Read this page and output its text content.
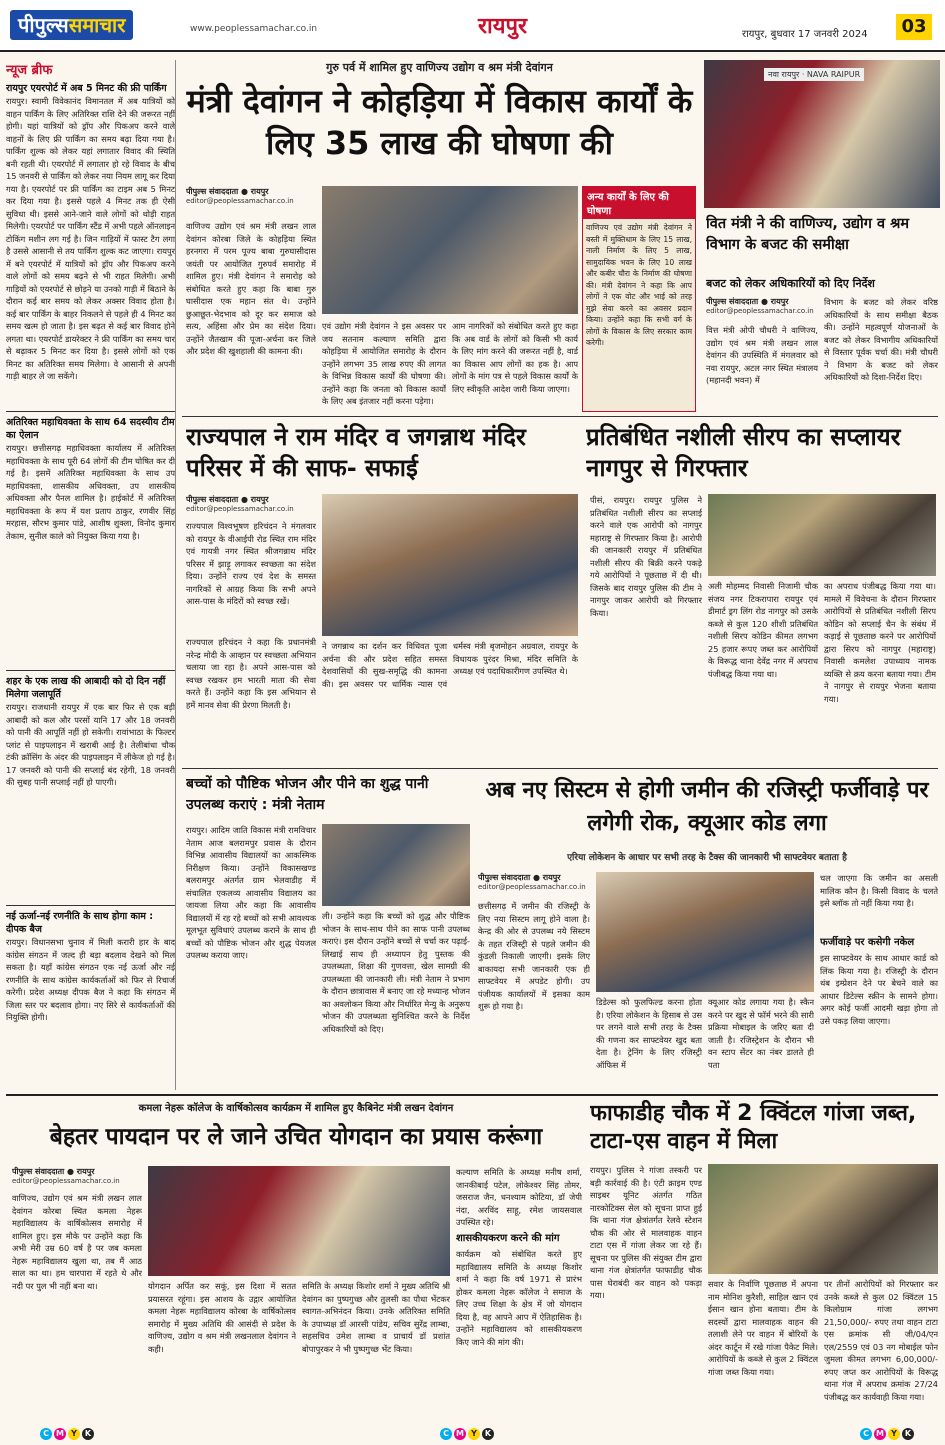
पीपुल्ससमाचार	www.peoplessamachar.co.in	रायपुर	रायपुर, बुधवार 17 जनवरी 2024	03
न्यूज ब्रीफ
रायपुर एयरपोर्ट में अब 5 मिनट की फ्री पार्किंग
रायपुर। स्वामी विवेकानंद विमानतल में अब यात्रियों को वाहन पार्किंग के लिए अतिरिक्त राशि देने की जरूरत नहीं होगी। यहां यात्रियों को ड्रॉप और पिकअप करने वाले वाहनों के लिए फ्री पार्किंग का समय बढ़ा दिया गया है। पार्किंग शुल्क को लेकर यहां लगातार विवाद की स्थिति बनी रहती थी। एयरपोर्ट में लगातार हो रहे विवाद के बीच 15 जनवरी से पार्किंग को लेकर नया नियम लागू कर दिया गया है। एयरपोर्ट पर फ्री पार्किंग का टाइम अब 5 मिनट कर दिया गया है। इससे पहले 4 मिनट तक ही ऐसी सुविधा थी। इससे आने-जाने वाले लोगों को थोड़ी राहत मिलेगी। एयरपोर्ट पर पार्किंग स्टैंड में अभी पहले ऑनलाइन टोकिंग मशीन लग गई है। जिन गाड़ियों में फास्ट टैग लगा है उससे आसानी से तय पार्किंग शुल्क कट जाएगा। रायपुर में बने एयरपोर्ट में यात्रियों को ड्रॉप और पिकअप करने वाले लोगों को समय बढ़ने से भी राहत मिलेगी। अभी गाड़ियों को एयरपोर्ट से छोड़ने या उनको गाड़ी में बिठाने के दौरान कई बार समय को लेकर अक्सर विवाद होता है। कई बार पार्किंग के बाहर निकलने से पहले ही 4 मिनट का समय खत्म हो जाता है। इस बढ़त से कई बार विवाद होने लगता था। एयरपोर्ट डायरेक्टर ने फ्री पार्किंग का समय चार से बढ़ाकर 5 मिनट कर दिया है। इससे लोगों को एक मिनट का अतिरिक्त समय मिलेगा। वे आसानी से अपनी गाड़ी बाहर ले जा सकेंगे।
अतिरिक्त महाधिवक्ता के साथ 64 सदस्यीय टीम का ऐलान
रायपुर। छत्तीसगढ़ महाधिवक्ता कार्यालय में अतिरिक्त महाधिवक्ता के साथ पूरी 64 लोगों की टीम घोषित कर दी गई है। इसमें अतिरिक्त महाधिवक्ता के साथ उप महाधिवक्ता, शासकीय अधिवक्ता, उप शासकीय अधिवक्ता और पैनल शामिल है। हाईकोर्ट में अतिरिक्त महाधिवक्ता के रूप में यश प्रताप ठाकुर, रणवीर सिंह मरहास, सौरभ कुमार पांडे, आशीष शुक्ला, विनोद कुमार तेकाम, सुनील काले को नियुक्त किया गया है।
शहर के एक लाख की आबादी को दो दिन नहीं मिलेगा जलापूर्ति
रायपुर। राजधानी रायपुर में एक बार फिर से एक बड़ी आबादी को कल और परसों यानि 17 और 18 जनवरी को पानी की आपूर्ति नहीं हो सकेगी। रावांभाठा के फिल्टर प्लांट से पाइपलाइन में खराबी आई है। तेलीबांधा चौक टंकी क्रॉसिंग के अंदर की पाइपलाइन में लीकेज हो गई है। 17 जनवरी को पानी की सप्लाई बंद रहेगी, 18 जनवरी की सुबह पानी सप्लाई नहीं हो पाएगी।
नई ऊर्जा-नई रणनीति के साथ होगा काम : दीपक बैज
रायपुर। विधानसभा चुनाव में मिली करारी हार के बाद कांग्रेस संगठन में जल्द ही बड़ा बदलाव देखने को मिल सकता है। यहाँ कांग्रेस संगठन एक नई ऊर्जा और नई रणनीति के साथ कांग्रेस कार्यकर्ताओं को फिर से रिचार्ज करेगी। प्रदेश अध्यक्ष दीपक बैज ने कहा कि संगठन में जिला स्तर पर बदलाव होगा। नए सिरे से कार्यकर्ताओं की नियुक्ति होगी।
गुरु पर्व में शामिल हुए वाणिज्य उद्योग व श्रम मंत्री देवांगन
मंत्री देवांगन ने कोहड़िया में विकास कार्यों के लिए 35 लाख की घोषणा की
पीपुल्स संवाददाता ● रायपुर
editor@peoplessamachar.co.in
वाणिज्य उद्योग एवं श्रम मंत्री लखन लाल देवांगन कोरबा जिले के कोहड़िया स्थित हरनगरा में परम पूज्य बाबा गुरुघासीदास जयंती पर आयोजित गुरुपर्व समारोह में शामिल हुए। मंत्री देवांगन ने समारोह को संबोधित करते हुए कहा कि बाबा गुरु घासीदास एक महान संत थे। उन्होंने छुआछूत-भेदभाव को दूर कर समाज को सत्य, अहिंसा और प्रेम का संदेश दिया। उन्होंने जैतखाम की पूजा-अर्चना कर जिले और प्रदेश की खुशहाली की कामना की।
एवं उद्योग मंत्री देवांगन ने इस अवसर पर जय सतनाम कल्याण समिति द्वारा कोहड़िया में आयोजित समारोह के दौरान उन्होंने लगभग 35 लाख रुपए की लागत के विभिन्न विकास कार्यों की घोषणा की। उन्होंने कहा कि जनता को विकास कार्यों के लिए अब इंतजार नहीं करना पड़ेगा।
आम नागरिकों को संबोधित करते हुए कहा कि अब वार्ड के लोगों को किसी भी कार्य के लिए मांग करने की जरूरत नहीं है, वार्ड का विकास आप लोगों का हक है। आप लोगों के मांग पत्र से पहले विकास कार्यों के लिए स्वीकृति आदेश जारी किया जाएगा।
अन्य कार्यों के लिए की घोषणा
वाणिज्य एवं उद्योग मंत्री देवांगन ने बस्ती में मुक्तिधाम के लिए 15 लाख, नाली निर्माण के लिए 5 लाख, सामुदायिक भवन के लिए 10 लाख और कबीर चौरा के निर्माण की घोषणा की। मंत्री देवांगन ने कहा कि आप लोगों ने एक वोट और भाई को तरह मुझे सेवा करने का अवसर प्रदान किया। उन्होंने कहा कि सभी वर्ग के लोगों के विकास के लिए सरकार काम करेगी।
नवा रायपुर · NAVA RAIPUR
वित मंत्री ने की वाणिज्य, उद्योग व श्रम विभाग के बजट की समीक्षा
बजट को लेकर अधिकारियों को दिए निर्देश
पीपुल्स संवाददाता ● रायपुर
editor@peoplessamachar.co.in
वित्त मंत्री ओपी चौधरी ने वाणिज्य, उद्योग एवं श्रम मंत्री लखन लाल देवांगन की उपस्थिति में मंगलवार को नवा रायपुर, अटल नगर स्थित मंत्रालय (महानदी भवन) में
विभाग के बजट को लेकर वरिष्ठ अधिकारियों के साथ समीक्षा बैठक की। उन्होंने महत्वपूर्ण योजनाओं के बजट को लेकर विभागीय अधिकारियों से विस्तार पूर्वक चर्चा की। मंत्री चौधरी ने विभाग के बजट को लेकर अधिकारियों को दिशा-निर्देश दिए।
राज्यपाल ने राम मंदिर व जगन्नाथ मंदिर परिसर में की साफ- सफाई
पीपुल्स संवाददाता ● रायपुर
editor@peoplessamachar.co.in
राज्यपाल विश्वभूषण हरिचंदन ने मंगलवार को रायपुर के वीआईपी रोड स्थित राम मंदिर एवं गायत्री नगर स्थित श्रीजगन्नाथ मंदिर परिसर में झाड़ू लगाकर स्वच्छता का संदेश दिया। उन्होंने राज्य एवं देश के समस्त नागरिकों से आग्रह किया कि सभी अपने आस-पास के मंदिरों को स्वच्छ रखें।
राज्यपाल हरिचंदन ने कहा कि प्रधानमंत्री नरेन्द्र मोदी के आव्हान पर स्वच्छता अभियान चलाया जा रहा है। अपने आस-पास को स्वच्छ रखकर हम भारती माता की सेवा करते हैं। उन्होंने कहा कि इस अभियान से हमें मानव सेवा की प्रेरणा मिलती है।
ने जगन्नाथ का दर्शन कर विधिवत पूजा अर्चना की और प्रदेश सहित समस्त देशवासियों की सुख-समृद्धि की कामना की। इस अवसर पर धार्मिक न्यास एवं धर्मस्व मंत्री बृजमोहन अग्रवाल, रायपुर के विधायक पुरंदर मिश्रा, मंदिर समिति के अध्यक्ष एवं पदाधिकारीगण उपस्थित थे।
प्रतिबंधित नशीली सीरप का सप्लायर नागपुर से गिरफ्तार
पीसं, रायपुर। रायपुर पुलिस ने प्रतिबंधित नशीली सीरप का सप्लाई करने वाले एक आरोपी को नागपुर महाराष्ट्र से गिरफ्तार किया है। आरोपी की जानकारी रायपुर में प्रतिबंधित नशीली सीरप की बिक्री करने पकड़े गये आरोपियों ने पूछताछ में दी थी। जिसके बाद रायपुर पुलिस की टीम ने नागपुर जाकर आरोपी को गिरफ्तार किया।
अली मोहम्मद निवासी निजामी चौक संजय नगर टिकरापारा रायपुर एवं डीमार्ट ड्रग लिंग रोड नागपुर को उसके कब्जे से कुल 120 शीशी प्रतिबंधित नशीली सिरप कोडिन कीमत लगभग 25 हजार रूपए जब्त कर आरोपियों के विरूद्ध थाना देवेंद्र नगर में अपराध पंजीबद्ध किया गया था।
का अपराध पंजीबद्ध किया गया था। मामले में विवेचना के दौरान गिरफ्तार आरोपियों से प्रतिबंधित नशीली सिरप कोडिन को सप्लाई चैन के संबंध में कड़ाई से पूछताछ करने पर आरोपियों द्वारा सिरप को नागपुर (महाराष्ट्र) निवासी कमलेश उपाध्याय नामक व्यक्ति से क्रय करना बताया गया। टीम ने नागपुर से रायपुर भेजना बताया गया।
बच्चों को पौष्टिक भोजन और पीने का शुद्ध पानी उपलब्ध कराएं : मंत्री नेताम
रायपुर। आदिम जाति विकास मंत्री रामविचार नेताम आज बलरामपुर प्रवास के दौरान विभिन्न आवासीय विद्यालयों का आकस्मिक निरीक्षण किया। उन्होंने विकासखण्ड बलरामपुर अंतर्गत ग्राम भेलवाडीह में संचालित एकलव्य आवासीय विद्यालय का जायजा लिया और कहा कि आवासीय विद्यालयों में रह रहे बच्चों को सभी आवश्यक मूलभूत सुविधाएं उपलब्ध कराने के साथ ही बच्चों को पौष्टिक भोजन और शुद्ध पेयजल उपलब्ध कराया जाए।
ली। उन्होंने कहा कि बच्चों को शुद्ध और पौष्टिक भोजन के साथ-साथ पीने का साफ पानी उपलब्ध कराएं। इस दौरान उन्होंने बच्चों से चर्चा कर पढ़ाई-लिखाई साथ ही अध्यापन हेतु पुस्तक की उपलब्धता, शिक्षा की गुणवत्ता, खेल सामग्री की उपलब्धता की जानकारी ली। मंत्री नेताम ने प्रभाग के दौरान छात्रावास में बनाए जा रहे मध्यान्ह भोजन का अवलोकन किया और निर्धारित मेन्यु के अनुरूप भोजन की उपलब्धता सुनिश्चित करने के निर्देश अधिकारियों को दिए।
अब नए सिस्टम से होगी जमीन की रजिस्ट्री फर्जीवाड़े पर लगेगी रोक, क्यूआर कोड लगा
एरिया लोकेशन के आधार पर सभी तरह के टैक्स की जानकारी भी साफ्टवेयर बताता है
पीपुल्स संवाददाता ● रायपुर
editor@peoplessamachar.co.in
छत्तीसगढ़ में जमीन की रजिस्ट्री के लिए नया सिस्टम लागू होने वाला है। केन्द्र की ओर से उपलब्ध नये सिस्टम के तहत रजिस्ट्री से पहले जमीन की कुंडली निकाली जाएगी। इसके लिए बाकायदा सभी जानकारी एक ही साफ्टवेयर में अपडेट होगी। उप पंजीयक कार्यालयों में इसका काम शुरू हो गया है।	डिडेल्स को फुलफिल्ड करना होता है। एरिया लोकेशन के हिसाब से उस पर लगने वाले सभी तरह के टैक्स की गणना कर साफ्टवेयर खुद बता देता है। ट्रेनिंग के लिए रजिस्ट्री ऑफिस में
क्यूआर कोड लगाया गया है। स्कैन करने पर खुद से फॉर्म भरने की सारी प्रक्रिया मोबाइल के जरिए बता दी जाती है। रजिस्ट्रेशन के दौरान भी वन स्टाप सेंटर का नंबर डालते ही पता
चल जाएगा कि जमीन का असली मालिक कौन है। किसी विवाद के चलते इसे ब्लॉक तो नहीं किया गया है।
फर्जीवाड़े पर कसेगी नकेल
इस साफ्टवेयर के साथ आधार कार्ड को लिंक किया गया है। रजिस्ट्री के दौरान थंब इम्प्रेशन देने पर बेचने वाले का आधार डिटेल्स स्क्रीन के सामने होगा। अगर कोई फर्जी आदमी खड़ा होगा तो उसे पकड़ लिया जाएगा।
कमला नेहरू कॉलेज के वार्षिकोत्सव कार्यक्रम में शामिल हुए कैबिनेट मंत्री लखन देवांगन
बेहतर पायदान पर ले जाने उचित योगदान का प्रयास करूंगा
पीपुल्स संवाददाता ● रायपुर
editor@peoplessamachar.co.in
वाणिज्य, उद्योग एवं श्रम मंत्री लखन लाल देवांगन कोरबा स्थित कमला नेहरू महाविद्यालय के वार्षिकोत्सव समारोह में शामिल हुए। इस मौके पर उन्होंने कहा कि अभी मेरी उम्र 60 वर्ष है पर जब कमला नेहरू महाविद्यालय खुला था, तब मैं आठ साल का था। हम चारपारा में रहते थे और नदी पर पुल भी नहीं बना था।	योगदान अर्पित कर सकूं, इस दिशा में सतत प्रयासरत रहूंगा। इस आशय के उद्गार आयोजित कमला नेहरू महाविद्यालय कोरबा के वार्षिकोत्सव समारोह में मुख्य अतिथि की आसंदी से प्रदेश के वाणिज्य, उद्योग व श्रम मंत्री लखनलाल देवांगन ने कही।
समिति के अध्यक्ष किशोर शर्मा ने मुख्य अतिथि श्री देवांगन का पुष्पगुच्छ और तुलसी का पौधा भेंटकर स्वागत-अभिनंदन किया। उनके अतिरिक्त समिति के उपाध्यक्ष डॉ आरसी पांडेय, सचिव सुरेंद्र लाम्बा, सहसचिव उमेश लाम्बा व प्राचार्य डॉ प्रशांत बोपापुरकर ने भी पुष्पगुच्छ भेंट किया।
कल्याण समिति के अध्यक्ष मनीष शर्मा, जानकीबाई पटेल, लोकेश्वर सिंह तोमर, जसराज जैन, धनश्याम कोटिया, डॉ जेपी नंदा, अरविंद साहू, रमेश जायसवाल उपस्थित रहे।
शासकीयकरण करने की मांग
कार्यक्रम को संबोधित करते हुए महाविद्यालय समिति के अध्यक्ष किशोर शर्मा ने कहा कि वर्ष 1971 से प्रारंभ होकर कमला नेहरू कॉलेज ने समाज के लिए उच्च शिक्षा के क्षेत्र में जो योगदान दिया है, वह आपने आप में ऐतिहासिक है। उन्होंने महाविद्यालय को शासकीयकरण किए जाने की मांग की।
फाफाडीह चौक में 2 क्विंटल गांजा जब्त, टाटा-एस वाहन में मिला
रायपुर। पुलिस ने गांजा तस्करी पर बड़ी कार्रवाई की है। एंटी क्राइम एण्ड साइबर यूनिट अंतर्गत गठित नारकोटिक्स सेल को सूचना प्राप्त हुई कि थाना गंज क्षेत्रांतर्गत रेलवे स्टेशन चौक की ओर से मालवाहक वाहन टाटा एस में गांजा लेकर जा रहे हैं। सूचना पर पुलिस की संयुक्त टीम द्वारा थाना गंज क्षेत्रांतर्गत फाफाडीह चौक पास घेराबंदी कर वाहन को पकड़ा गया।
सवार के निर्वाणि पूछताछ में अपना नाम मोनिश कुरैशी, साहिल खान एवं ईसान खान होना बताया। टीम के सदस्यों द्वारा मालवाहक वाहन की तलाशी लेने पर वाहन में बोरियों के अंदर कार्टून में रखे गांजा पैकेट मिले। आरोपियों के कब्जे से कुल 2 क्विंटल गांजा जब्त किया गया।
पर तीनों आरोपियों को गिरफ्तार कर उनके कब्जे से कुल 02 क्विंटल 15 किलोग्राम गांजा लगभग 21,50,000/- रुपए तथा वाहन टाटा एस क्रमांक सी जी/04/एन एल/2559 एवं 03 नग मोबाईल फोन जुमला कीमत लगभग 6,00,000/- रुपए जप्त कर आरोपियों के विरूद्ध थाना गंज में अपराध क्रमांक 27/24 पंजीबद्ध कर कार्यवाही किया गया।
C M Y	K	C M Y	K	C M Y	K
